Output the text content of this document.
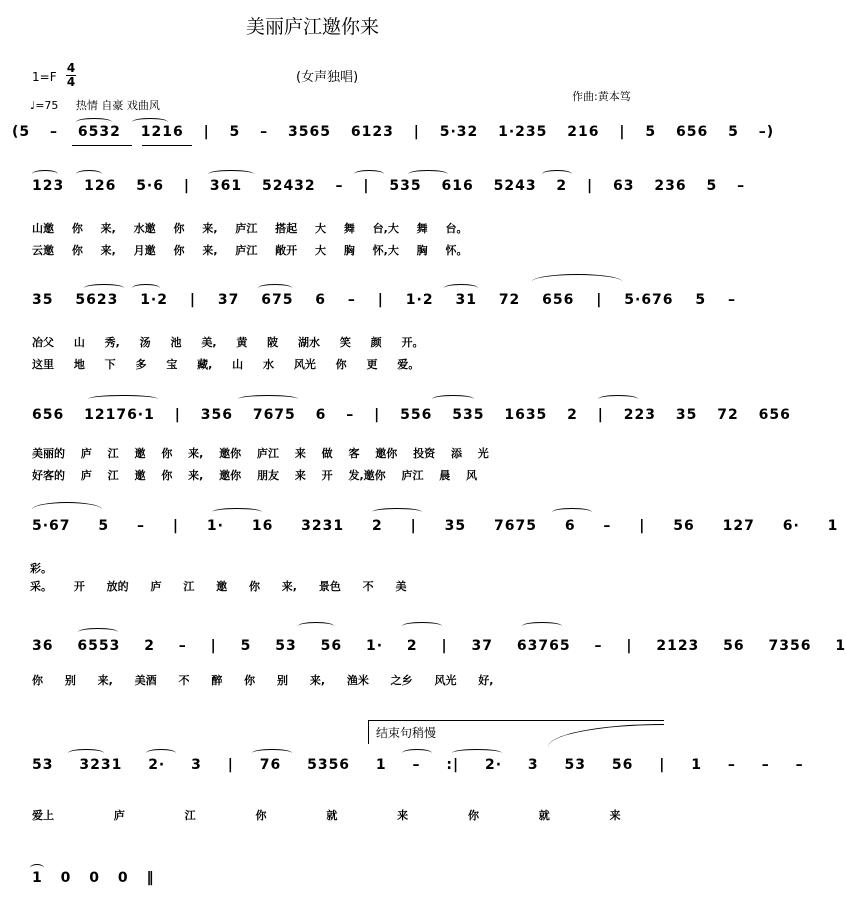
美丽庐江邀你来
(女声独唱)
1=F
4
4
♩=75 热情 自豪 戏曲风
作曲:黄本笃
(5 – 6532 1216 | 5 – 3565 6123 | 5·32 1·235 216 | 5 656 5 –)
123 126 5·6 | 361 52432 – | 535 616 5243 2 | 63 236 5 –
山邀 你 来, 水邀 你 来, 庐江 搭起 大 舞 台,大 舞 台。
云邀 你 来, 月邀 你 来, 庐江 敞开 大 胸 怀,大 胸 怀。
35 5623 1·2 | 37 675 6 – | 1·2 31 72 656 | 5·676 5 –
冶父 山 秀, 汤 池 美, 黄 陂 湖水 笑 颜 开。
这里 地 下 多 宝 藏, 山 水 风光 你 更 爱。
656 12176·1 | 356 7675 6 – | 556 535 1635 2 | 223 35 72 656
美丽的 庐 江 邀 你 来, 邀你 庐江 来 做 客 邀你 投资 添 光
好客的 庐 江 邀 你 来, 邀你 朋友 来 开 发,邀你 庐江 晨 风
5·67 5 – | 1· 16 3231 2 | 35 7675 6 – | 56 127 6· 1
彩。
采。 开 放的 庐 江 邀 你 来, 景色 不 美
36 6553 2 – | 5 53 56 1· 2 | 37 63765 – | 2123 56 7356 1
你 别 来, 美酒 不 醉 你 别 来, 渔米 之乡 风光 好,
结束句稍慢
53 3231 2· 3 | 76 5356 1 – :| 2· 3 53 56 | 1 – – –
爱上 庐 江 你 就 来 你 就 来
1 0 0 0 ‖
